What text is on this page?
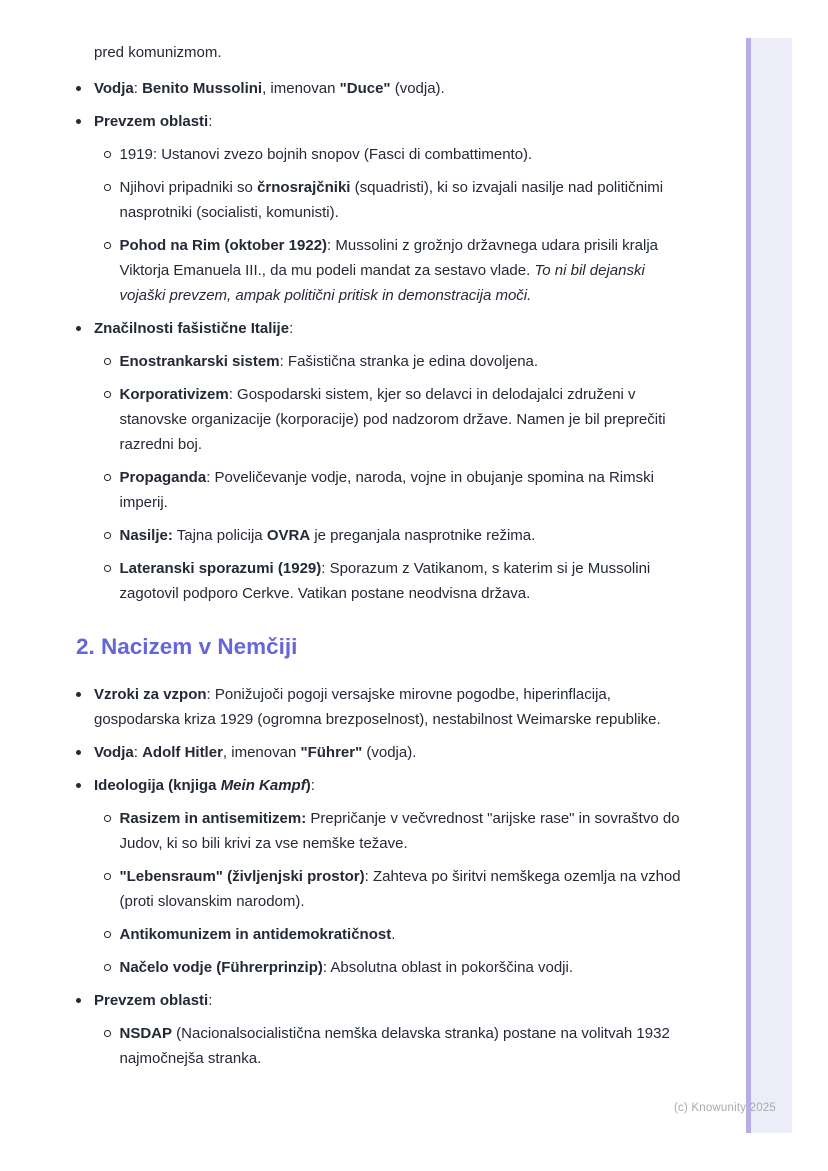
pred komunizmom.
Vodja: Benito Mussolini, imenovan "Duce" (vodja).
Prevzem oblasti:
1919: Ustanovi zvezo bojnih snopov (Fasci di combattimento).
Njihovi pripadniki so črnosrajčniki (squadristi), ki so izvajali nasilje nad političnimi nasprotniki (socialisti, komunisti).
Pohod na Rim (oktober 1922): Mussolini z grožnjo državnega udara prisili kralja Viktorja Emanuela III., da mu podeli mandat za sestavo vlade. To ni bil dejanski vojaški prevzem, ampak politični pritisk in demonstracija moči.
Značilnosti fašistične Italije:
Enostrankarski sistem: Fašistična stranka je edina dovoljena.
Korporativizem: Gospodarski sistem, kjer so delavci in delodajalci združeni v stanovske organizacije (korporacije) pod nadzorom države. Namen je bil preprečiti razredni boj.
Propaganda: Poveličevanje vodje, naroda, vojne in obujanje spomina na Rimski imperij.
Nasilje: Tajna policija OVRA je preganjala nasprotnike režima.
Lateranski sporazumi (1929): Sporazum z Vatikanom, s katerim si je Mussolini zagotovil podporo Cerkve. Vatikan postane neodvisna država.
2. Nacizem v Nemčiji
Vzroki za vzpon: Ponižujoči pogoji versajske mirovne pogodbe, hiperinflacija, gospodarska kriza 1929 (ogromna brezposelnost), nestabilnost Weimarske republike.
Vodja: Adolf Hitler, imenovan "Führer" (vodja).
Ideologija (knjiga Mein Kampf):
Rasizem in antisemitizem: Prepričanje v večvrednost "arijske rase" in sovraštvo do Judov, ki so bili krivi za vse nemške težave.
"Lebensraum" (življenjski prostor): Zahteva po širitvi nemškega ozemlja na vzhod (proti slovanskim narodom).
Antikomunizem in antidemokratičnost.
Načelo vodje (Führerprinzip): Absolutna oblast in pokorščina vodji.
Prevzem oblasti:
NSDAP (Nacionalsocialistična nemška delavska stranka) postane na volitvah 1932 najmočnejša stranka.
(c) Knowunity 2025
